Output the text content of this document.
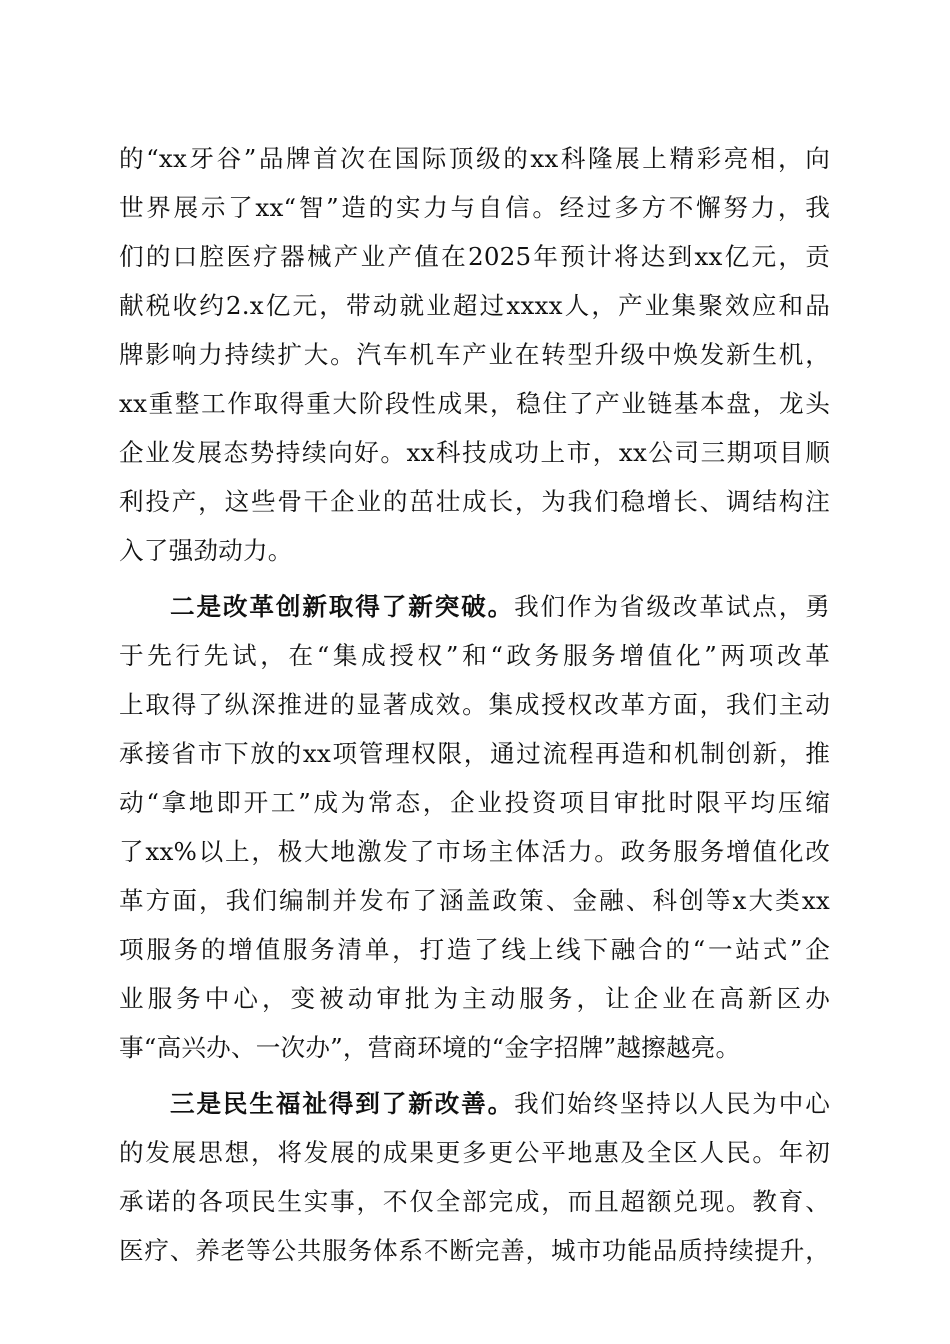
的“xx牙谷”品牌首次在国际顶级的xx科隆展上精彩亮相，向
世界展示了xx“智”造的实力与自信。经过多方不懈努力，我
们的口腔医疗器械产业产值在2025年预计将达到xx亿元，贡
献税收约2.x亿元，带动就业超过xxxx人，产业集聚效应和品
牌影响力持续扩大。汽车机车产业在转型升级中焕发新生机，
xx重整工作取得重大阶段性成果，稳住了产业链基本盘，龙头
企业发展态势持续向好。xx科技成功上市，xx公司三期项目顺
利投产，这些骨干企业的茁壮成长，为我们稳增长、调结构注
入了强劲动力。
二是改革创新取得了新突破。我们作为省级改革试点，勇
于先行先试，在“集成授权”和“政务服务增值化”两项改革
上取得了纵深推进的显著成效。集成授权改革方面，我们主动
承接省市下放的xx项管理权限，通过流程再造和机制创新，推
动“拿地即开工”成为常态，企业投资项目审批时限平均压缩
了xx%以上，极大地激发了市场主体活力。政务服务增值化改
革方面，我们编制并发布了涵盖政策、金融、科创等x大类xx
项服务的增值服务清单，打造了线上线下融合的“一站式”企
业服务中心，变被动审批为主动服务，让企业在高新区办
事“高兴办、一次办”，营商环境的“金字招牌”越擦越亮。
三是民生福祉得到了新改善。我们始终坚持以人民为中心
的发展思想，将发展的成果更多更公平地惠及全区人民。年初
承诺的各项民生实事，不仅全部完成，而且超额兑现。教育、
医疗、养老等公共服务体系不断完善，城市功能品质持续提升，
